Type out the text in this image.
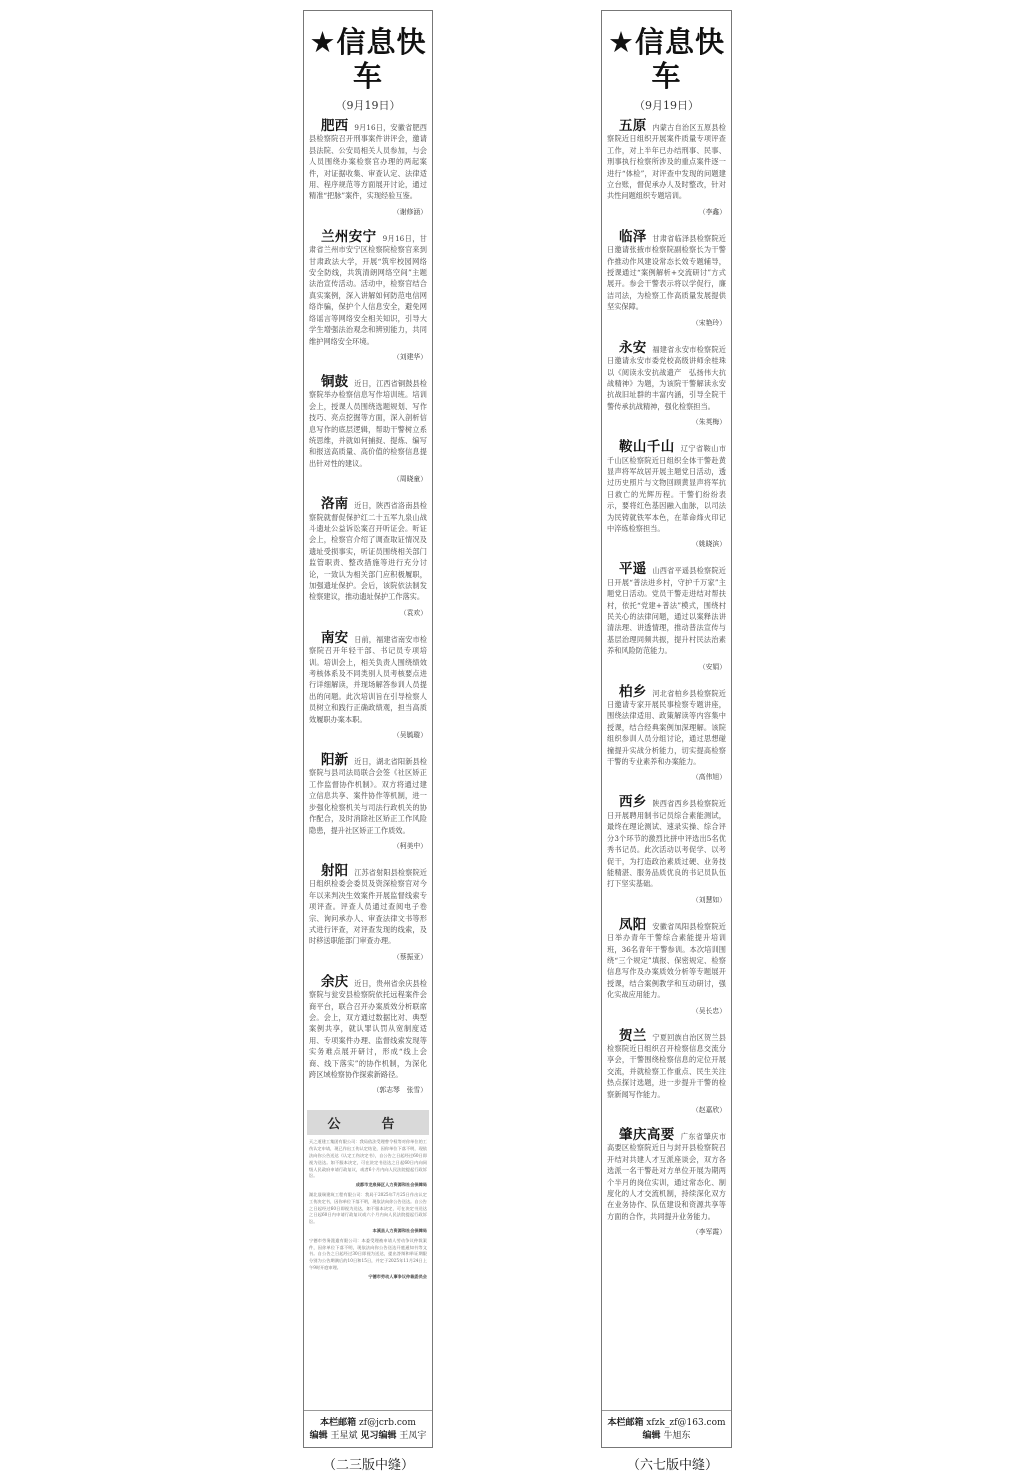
★信息快车
（9月19日）

肥西 9月16日，安徽省肥西县检察院召开刑事案件讲评会，邀请县法院、公安局相关人员参加，与会人员围绕办案检察官办理的两起案件，对证据收集、审查认定、法律适用、程序规范等方面展开讨论，通过精准“把脉”案件，实现经验互鉴。

（谢修涵）

兰州安宁 9月16日，甘肃省兰州市安宁区检察院检察官来到甘肃政法大学，开展“筑牢校园网络安全防线，共筑清朗网络空间”主题法治宣传活动。活动中，检察官结合真实案例，深入讲解如何防范电信网络诈骗，保护个人信息安全，避免网络谣言等网络安全相关知识，引导大学生增强法治观念和辨别能力，共同维护网络安全环境。

（刘建华）

铜鼓 近日，江西省铜鼓县检察院举办检察信息写作培训班。培训会上，授课人员围绕选题规划、写作技巧、亮点挖掘等方面，深入剖析信息写作的底层逻辑，帮助干警树立系统思维，并就如何捕捉、提炼、编写和报送高质量、高价值的检察信息提出针对性的建议。

（周晓童）

洛南 近日，陕西省洛南县检察院就督促保护红二十五军九泉山战斗遗址公益诉讼案召开听证会。听证会上，检察官介绍了调查取证情况及遗址受损事实，听证员围绕相关部门监管职责、整改措施等进行充分讨论，一致认为相关部门应积极履职，加强遗址保护。会后，该院依法制发检察建议，推动遗址保护工作落实。

（袁欢）

南安 日前，福建省南安市检察院召开年轻干部、书记员专项培训。培训会上，相关负责人围绕绩效考核体系及不同类别人员考核要点进行详细解读，并现场解答参训人员提出的问题。此次培训旨在引导检察人员树立和践行正确政绩观，担当高质效履职办案本职。

（吴毓璇）

阳新 近日，湖北省阳新县检察院与县司法局联合会签《社区矫正工作监督协作机制》。双方将通过建立信息共享、案件协作等机制，进一步强化检察机关与司法行政机关的协作配合，及时消除社区矫正工作风险隐患，提升社区矫正工作质效。

（柯美中）

射阳 江苏省射阳县检察院近日组织检委会委员及资深检察官对今年以来判决生效案件开展监督线索专项评查。评查人员通过查阅电子卷宗、询问承办人、审查法律文书等形式进行评查，对评查发现的线索，及时移送职能部门审查办理。

（蔡振亚）

余庆 近日，贵州省余庆县检察院与瓮安县检察院依托远程案件会商平台，联合召开办案质效分析联席会。会上，双方通过数据比对、典型案例共享，就认罪认罚从宽制度适用、专项案件办理、监督线索发现等实务难点展开研讨，形成“线上会商、线下落实”的协作机制，为深化跨区域检察协作探索新路径。

（郭志琴　张雪）
公　告

天之道建工集团有限公司：我局依法受理曾令权等对你单位的工伤认定申请，现已作出工伤认定结论，因你单位下落不明，现依法向你公告送达《认定工伤决定书》，自公告之日起经过60日即视为送达。如不服本决定，可在决定书送达之日起60日内向同级人民政府申请行政复议，或者6个月内向人民法院提起行政诉讼。

成都市龙泉驿区人力资源和社会保障局

湖北晟瑞建筑工程有限公司：我局于2025年7月25日作出认定工伤决定书，因你单位下落不明，现依法向你公告送达。自公告之日起经过60日即视为送达，如不服本决定，可在决定书送达之日起60日内申请行政复议或六个月内向人民法院提起行政诉讼。

本溪县人力资源和社会保障局

宁德市劳务派遣有限公司：本委受理被申请人劳动争议仲裁案件，因你单位下落不明，现依法向你公告送达开庭通知书等文书。自公告之日起经过30日即视为送达，提出答辩和举证期限分别为公告期满后的10日和15日，并定于2025年11月24日上午9时开庭审理。

宁德市劳动人事争议仲裁委员会

本栏邮箱 zf@jcrb.com
编辑 王星斌 见习编辑 王凤宇
★信息快车
（9月19日）

五原 内蒙古自治区五原县检察院近日组织开展案件质量专项评查工作，对上半年已办结刑事、民事、刑事执行检察所涉及的重点案件逐一进行“体检”，对评查中发现的问题建立台账，督促承办人及时整改，针对共性问题组织专题培训。

（李鑫）

临泽 甘肃省临泽县检察院近日邀请张掖市检察院副检察长为干警作推动作风建设常态长效专题辅导，授课通过“案例解析+交流研讨”方式展开。参会干警表示将以学促行，廉洁司法，为检察工作高质量发展提供坚实保障。

（宋艳玲）

永安 福建省永安市检察院近日邀请永安市委党校高级讲师余桂珠以《阅读永安抗战遗产　弘扬伟大抗战精神》为题，为该院干警解读永安抗战旧址群的丰富内涵，引导全院干警传承抗战精神，强化检察担当。

（朱英梅）

鞍山千山 辽宁省鞍山市千山区检察院近日组织全体干警赴黄显声将军故居开展主题党日活动，透过历史照片与文物回顾黄显声将军抗日救亡的光辉历程。干警们纷纷表示，要将红色基因融入血脉，以司法为民铸就铁军本色，在革命烽火印记中淬炼检察担当。

（姚晓滨）

平遥 山西省平遥县检察院近日开展“普法进乡村，守护千万家”主题党日活动。党员干警走进结对帮扶村，依托“党建+普法”模式，围绕村民关心的法律问题，通过以案释法讲清法理、讲透情理，推动普法宣传与基层治理同频共振，提升村民法治素养和风险防范能力。

（安娟）

柏乡 河北省柏乡县检察院近日邀请专家开展民事检察专题讲座，围绕法律适用、政策解读等内容集中授课，结合经典案例加深理解。该院组织参训人员分组讨论，通过思想碰撞提升实战分析能力，切实提高检察干警的专业素养和办案能力。

（高伟旭）

西乡 陕西省西乡县检察院近日开展聘用制书记员综合素能测试，最终在理论测试、速录实操、综合评分3个环节的激烈比拼中评选出5名优秀书记员。此次活动以考促学、以考促干，为打造政治素质过硬、业务技能精湛、服务品质优良的书记员队伍打下坚实基础。

（刘慧如）

凤阳 安徽省凤阳县检察院近日举办青年干警综合素能提升培训班，36名青年干警参训。本次培训围绕“三个规定”填报、保密规定、检察信息写作及办案质效分析等专题展开授课，结合案例教学和互动研讨，强化实战应用能力。

（吴长忠）

贺兰 宁夏回族自治区贺兰县检察院近日组织召开检察信息交流分享会，干警围绕检察信息的定位开展交流，并就检察工作重点、民生关注热点探讨选题，进一步提升干警的检察新闻写作能力。

（赵嘉欣）

肇庆高要 广东省肇庆市高要区检察院近日与封开县检察院召开结对共建人才互派座谈会，双方各选派一名干警赴对方单位开展为期两个半月的岗位实训，通过常态化、制度化的人才交流机制，持续深化双方在业务协作、队伍建设和资源共享等方面的合作，共同提升业务能力。

（李军霞）
本栏邮箱 xfzk_zf@163.com
编辑 牛旭东
（二三版中缝）	（六七版中缝）
